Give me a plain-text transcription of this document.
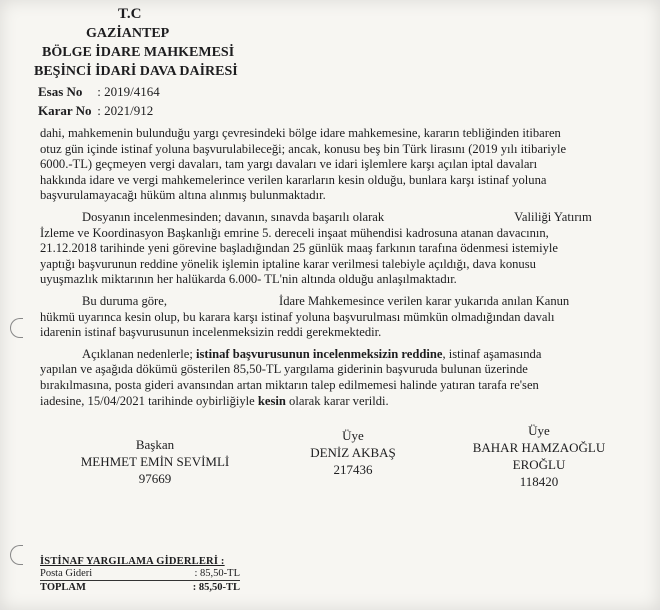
T.C
GAZİANTEP
BÖLGE İDARE MAHKEMESİ
BEŞİNCİ İDARİ DAVA DAİRESİ
Esas No : 2019/4164
Karar No : 2021/912
dahi, mahkemenin bulunduğu yargı çevresindeki bölge idare mahkemesine, kararın tebliğinden itibaren
otuz gün içinde istinaf yoluna başvurulabileceği; ancak, konusu beş bin Türk lirasını (2019 yılı itibariyle
6000.-TL) geçmeyen vergi davaları, tam yargı davaları ve idari işlemlere karşı açılan iptal davaları
hakkında idare ve vergi mahkemelerince verilen kararların kesin olduğu, bunlara karşı istinaf yoluna
başvurulamayacağı hüküm altına alınmış bulunmaktadır.
Dosyanın incelenmesinden; davanın, sınavda başarılı olarak	Valiliği Yatırım
İzleme ve Koordinasyon Başkanlığı emrine 5. dereceli inşaat mühendisi kadrosuna atanan davacının,
21.12.2018 tarihinde yeni görevine başladığından 25 günlük maaş farkının tarafına ödenmesi istemiyle
yaptığı başvurunun reddine yönelik işlemin iptaline karar verilmesi talebiyle açıldığı, dava konusu
uyuşmazlık miktarının her halükarda 6.000- TL'nin altında olduğu anlaşılmaktadır.
Bu duruma göre,	İdare Mahkemesince verilen karar yukarıda anılan Kanun
hükmü uyarınca kesin olup, bu karara karşı istinaf yoluna başvurulması mümkün olmadığından davalı
idarenin istinaf başvurusunun incelenmeksizin reddi gerekmektedir.
Açıklanan nedenlerle; istinaf başvurusunun incelenmeksizin reddine, istinaf aşamasında
yapılan ve aşağıda dökümü gösterilen 85,50-TL yargılama giderinin başvuruda bulunan üzerinde
bırakılmasına, posta gideri avansından artan miktarın talep edilmemesi halinde yatıran tarafa re'sen
iadesine, 15/04/2021 tarihinde oybirliğiyle kesin olarak karar verildi.
Başkan
MEHMET EMİN SEVİMLİ
97669
Üye
DENİZ AKBAŞ
217436
Üye
BAHAR HAMZAOĞLU
EROĞLU
118420
İSTİNAF YARGILAMA GİDERLERİ :
Posta Gideri	: 85,50-TL
TOPLAM	: 85,50-TL
